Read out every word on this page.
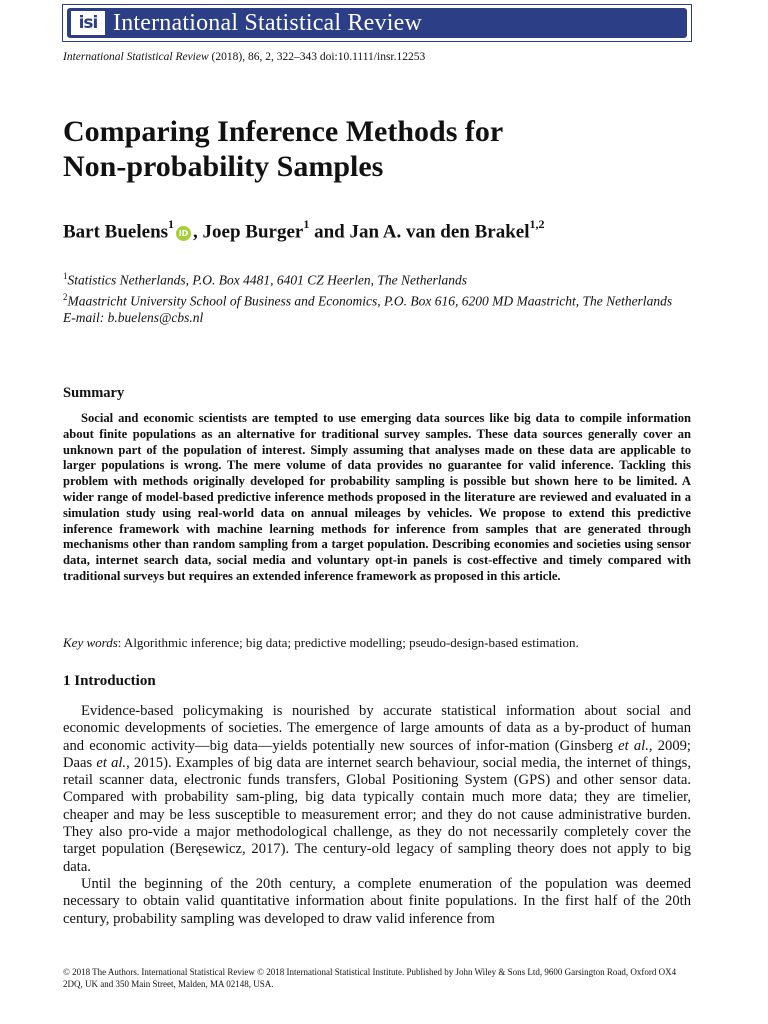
isi International Statistical Review
International Statistical Review (2018), 86, 2, 322–343 doi:10.1111/insr.12253
Comparing Inference Methods for
Non-probability Samples
Bart Buelens$^1$iD , Joep Burger$^1$ and Jan A. van den Brakel$^{1,2}$
$^1$Statistics Netherlands, P.O. Box 4481, 6401 CZ Heerlen, The Netherlands
$^2$Maastricht University School of Business and Economics, P.O. Box 616, 6200 MD Maastricht, The Netherlands
E-mail: b.buelens@cbs.nl
Summary
Social and economic scientists are tempted to use emerging data sources like big data to compile information about finite populations as an alternative for traditional survey samples. These data sources generally cover an unknown part of the population of interest. Simply assuming that analyses made on these data are applicable to larger populations is wrong. The mere volume of data provides no guarantee for valid inference. Tackling this problem with methods originally developed for probability sampling is possible but shown here to be limited. A wider range of model-based predictive inference methods proposed in the literature are reviewed and evaluated in a simulation study using real-world data on annual mileages by vehicles. We propose to extend this predictive inference framework with machine learning methods for inference from samples that are generated through mechanisms other than random sampling from a target population. Describing economies and societies using sensor data, internet search data, social media and voluntary opt-in panels is cost-effective and timely compared with traditional surveys but requires an extended inference framework as proposed in this article.
Key words: Algorithmic inference; big data; predictive modelling; pseudo-design-based estimation.
1 Introduction

Evidence-based policymaking is nourished by accurate statistical information about social and economic developments of societies. The emergence of large amounts of data as a by-product of human and economic activity—big data—yields potentially new sources of infor-mation (Ginsberg et al., 2009; Daas et al., 2015). Examples of big data are internet search behaviour, social media, the internet of things, retail scanner data, electronic funds transfers, Global Positioning System (GPS) and other sensor data. Compared with probability sam-pling, big data typically contain much more data; they are timelier, cheaper and may be less susceptible to measurement error; and they do not cause administrative burden. They also pro-vide a major methodological challenge, as they do not necessarily completely cover the target population (Beręsewicz, 2017). The century-old legacy of sampling theory does not apply to big data.

Until the beginning of the 20th century, a complete enumeration of the population was deemed necessary to obtain valid quantitative information about finite populations. In the first half of the 20th century, probability sampling was developed to draw valid inference from

© 2018 The Authors. International Statistical Review © 2018 International Statistical Institute. Published by John Wiley & Sons Ltd, 9600 Garsington Road, Oxford OX4 2DQ, UK and 350 Main Street, Malden, MA 02148, USA.
